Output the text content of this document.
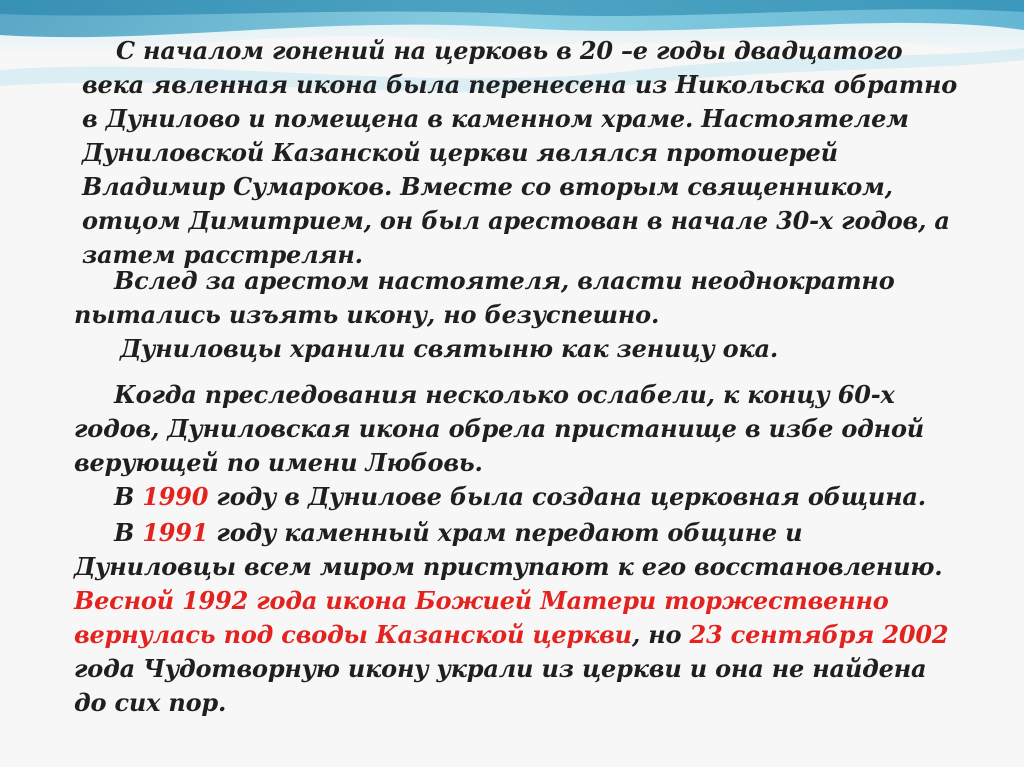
С началом гонений на церковь в 20 –е годы двадцатого
века явленная икона была перенесена из Никольска обратно
в Дунилово и помещена в каменном храме. Настоятелем
Дуниловской Казанской церкви являлся протоиерей
Владимир Сумароков. Вместе со вторым священником,
отцом Димитрием, он был арестован в начале 30-х годов, а
затем расстрелян.
Вслед за арестом настоятеля, власти неоднократно
пытались изъять икону, но безуспешно.
Дуниловцы хранили святыню как зеницу ока.
Когда преследования несколько ослабели, к концу 60-х
годов, Дуниловская икона обрела пристанище в избе одной
верующей по имени Любовь.
В 1990 году в Дунилове была создана церковная община.
В 1991 году каменный храм передают общине и
Дуниловцы всем миром приступают к его восстановлению.
Весной 1992 года икона Божией Матери торжественно
вернулась под своды Казанской церкви, но 23 сентября 2002
года Чудотворную икону украли из церкви и она не найдена
до сих пор.
